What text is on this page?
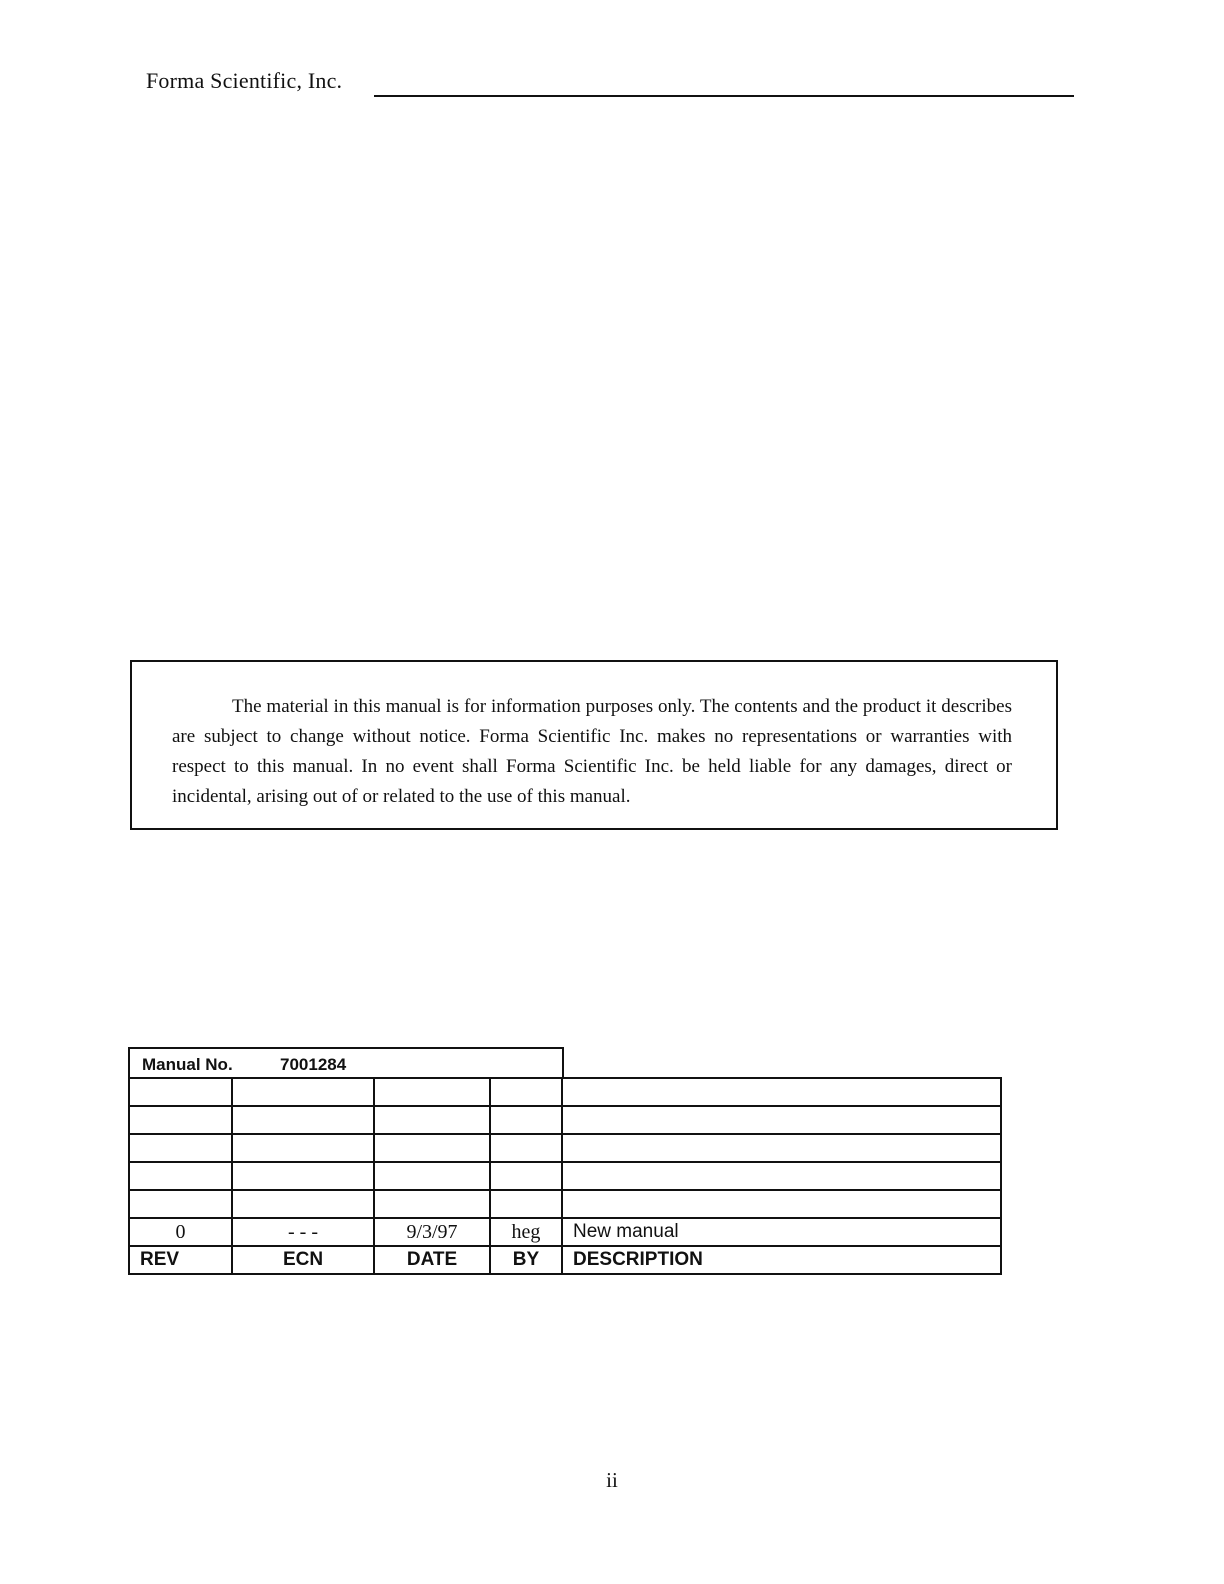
Forma Scientific, Inc.
The material in this manual is for information purposes only. The contents and the product it describes are subject to change without notice. Forma Scientific Inc. makes no representations or warranties with respect to this manual. In no event shall Forma Scientific Inc. be held liable for any damages, direct or incidental, arising out of or related to the use of this manual.
Manual No.	7001284

0	- - -	9/3/97	heg	New manual
REV	ECN	DATE	BY	DESCRIPTION
ii
